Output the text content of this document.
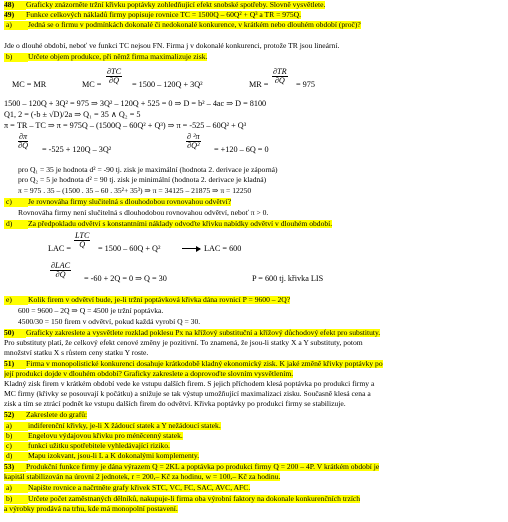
48) Graficky znázorněte tržní křivku poptávky zohledňující efekt snobské spotřeby. Slovně vysvětlete.
49) Funkce celkových nákladů firmy popisuje rovnice TC = 1500Q – 60Q² + Q³ a TR = 975Q.
a) Jedná se o firmu v podmínkách dokonalé či nedokonalé konkurence, v krátkém nebo dlouhém období (proč)?
Jde o dlouhé období, neboť ve funkci TC nejsou FN. Firma j v dokonalé konkurenci, protože TR jsou lineární.
b) Určete objem produkce, při němž firma maximalizuje zisk.
MC = MR	MC = $\frac{\partial TC}{\partial Q} = 1500 - 120Q + 3Q^2$	MR = $\frac{\partial TR}{\partial Q} = 975$
1500 – 120Q + 3Q² = 975 ⇒ 3Q² – 120Q + 525 = 0 ⇒ D = b² – 4ac ⇒ D = 8100
Q1, 2 = (-b ± √D)/2a ⇒ Q₁ = 35 ∧ Q₂ = 5
π = TR – TC ⇒ π = 975Q – (1500Q – 60Q² + Q³) ⇒ π = -525 – 60Q² + Q³
$\frac{\partial\pi}{\partial Q} = -525 + 120Q - 3Q^2$	$\frac{\text{∂ ²π}}{\text{∂Q²}} = +120 - 6Q = 0$
pro Q₁ = 35 je hodnota d² = -90 tj. zisk je maximální (hodnota 2. derivace je záporná)
pro Q₂ = 5 je hodnota d² = 90 tj. zisk je minimální (hodnota 2. derivace je kladná)
π = 975 . 35 – (1500 . 35 – 60 . 35²+ 35³) ⇒ π = 34125 – 21875 ⇒ π = 12250
c) Je rovnováha firmy slučitelná s dlouhodobou rovnovahou odvětví?
Rovnováha firmy není slučitelná s dlouhodobou rovnovahou odvětví, neboť π > 0.
d) Za předpokladu odvětví s konstantními náklady odvoďte křivku nabídky odvětví v dlouhém období.
LAC =
LTC
Q	= 1500 – 60Q + Q²	LAC = 600
∂LAC
∂Q	= -60 + 2Q = 0 ⇒ Q = 30	P = 600 tj. křivka LIS
e) Kolik firem v odvětví bude, je-li tržní poptávková křivka dána rovnicí P = 9600 – 2Q?
600 = 9600 – 2Q ⇒ Q = 4500 je tržní poptávka.
4500/30 = 150 firem v odvětví, pokud každá vyrobí Q = 30.
50) Graficky zakreslete a vysvětlete rozklad poklesu Px na křížový substituční a křížový důchodový efekt pro substituty.
Pro substituty platí, že celkový efekt cenové změny je pozitivní. To znamená, že jsou-li statky X a Y substituty, potom
množství statku X s růstem ceny statku Y roste.
51) Firma v monopolistické konkurenci dosahuje krátkodobě kladný ekonomický zisk. K jaké změně křivky poptávky po
její produkci dojde v dlouhém období? Graficky zakreslete a doprovoďte slovním vysvětlením.
Kladný zisk firem v krátkém období vede ke vstupu dalších firem. S jejich příchodem klesá poptávka po produkci firmy a
MC firmy (křivky se posouvají k počátku) a snižuje se tak výstup umožňující maximalizaci zisku. Současně klesá cena a
zisk a tím se ztrácí podnět ke vstupu dalších firem do odvětví. Křivka poptávky po produkci firmy se stabilizuje.
52) Zakreslete do grafů:
a) indiferenční křivky, je-li X žádoucí statek a Y nežádoucí statek.
b) Engelovu výdajovou křivku pro méněcenný statek.
c) funkci užitku spotřebitele vyhledávající riziko.
d) Mapu izokvant, jsou-li L a K dokonalými komplementy.
53) Produkční funkce firmy je dána výrazem Q = 2KL a poptávka po produkci firmy Q = 200 – 4P. V krátkém období je
kapitál stabilizován na úrovni 2 jednotek, r = 200,– Kč za hodinu, w = 100,– Kč za hodinu.
a) Napište rovnice a načrtněte grafy křivek STC, VC, FC, SAC, AVC, AFC.
b) Určete počet zaměstnaných dělníků, nakupuje-li firma oba výrobní faktory na dokonale konkurenčních trzích
a výrobky prodává na trhu, kde má monopolní postavení.
